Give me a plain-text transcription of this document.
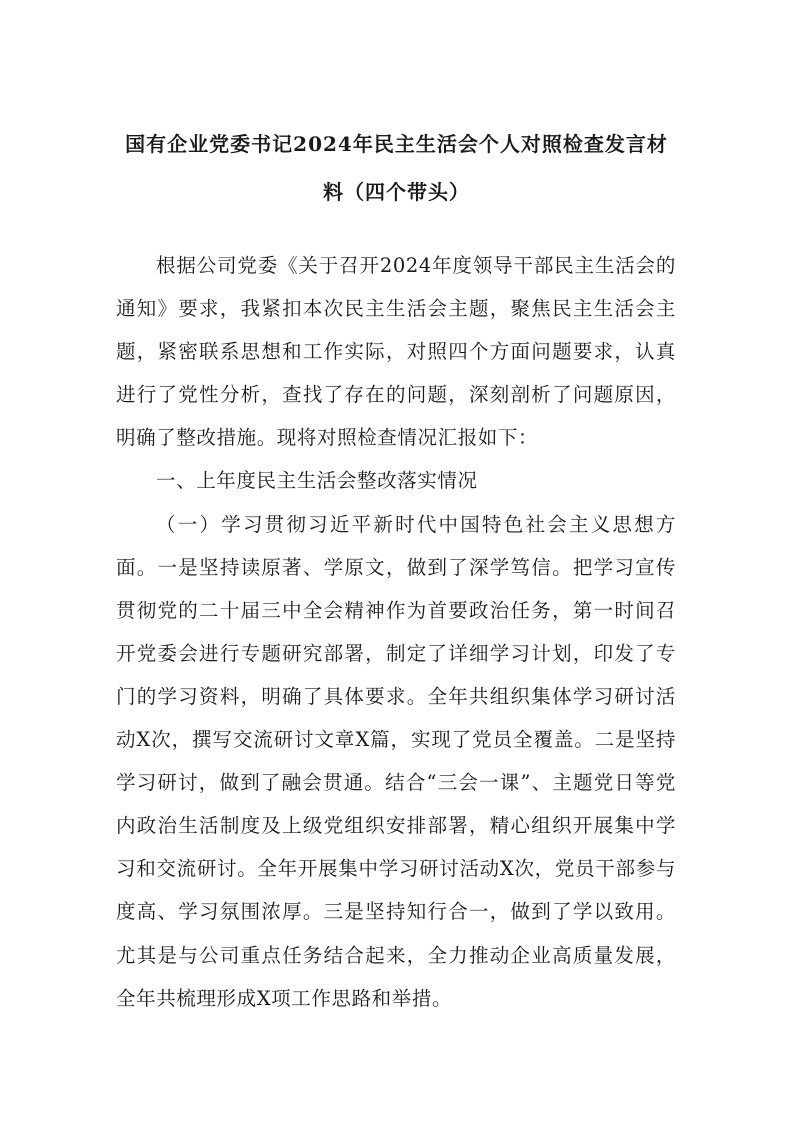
国有企业党委书记2024年民主生活会个人对照检查发言材
料（四个带头）

根据公司党委《关于召开2024年度领导干部民主生活会的通知》要求，我紧扣本次民主生活会主题，聚焦民主生活会主题，紧密联系思想和工作实际，对照四个方面问题要求，认真进行了党性分析，查找了存在的问题，深刻剖析了问题原因，明确了整改措施。现将对照检查情况汇报如下：

一、上年度民主生活会整改落实情况

（一）学习贯彻习近平新时代中国特色社会主义思想方面。一是坚持读原著、学原文，做到了深学笃信。把学习宣传贯彻党的二十届三中全会精神作为首要政治任务，第一时间召开党委会进行专题研究部署，制定了详细学习计划，印发了专门的学习资料，明确了具体要求。全年共组织集体学习研讨活动X次，撰写交流研讨文章X篇，实现了党员全覆盖。二是坚持学习研讨，做到了融会贯通。结合“三会一课”、主题党日等党内政治生活制度及上级党组织安排部署，精心组织开展集中学习和交流研讨。全年开展集中学习研讨活动X次，党员干部参与度高、学习氛围浓厚。三是坚持知行合一，做到了学以致用。尤其是与公司重点任务结合起来，全力推动企业高质量发展，全年共梳理形成X项工作思路和举措。
